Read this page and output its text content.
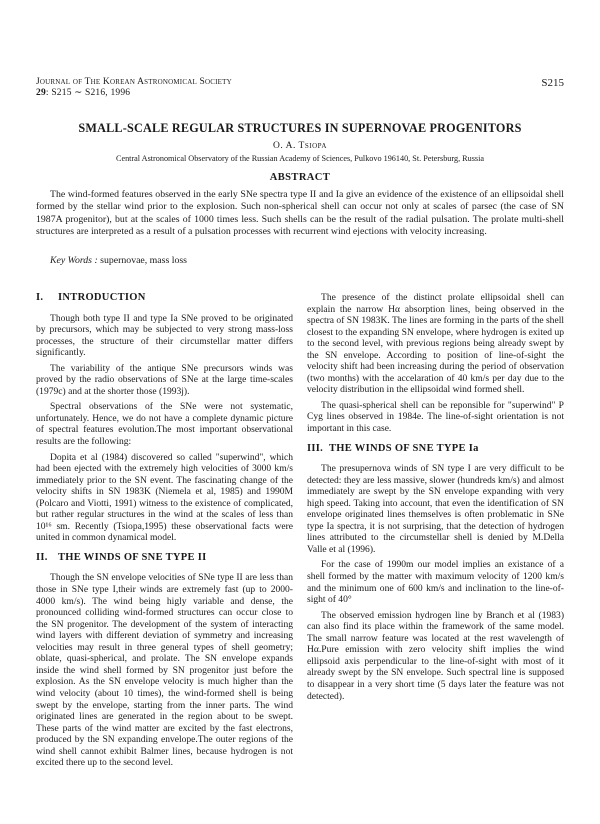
Journal of The Korean Astronomical Society
29: S215 ∼ S216, 1996
S215
SMALL-SCALE REGULAR STRUCTURES IN SUPERNOVAE PROGENITORS
O. A. Tsiopa
Central Astronomical Observatory of the Russian Academy of Sciences, Pulkovo 196140, St. Petersburg, Russia
ABSTRACT

The wind-formed features observed in the early SNe spectra type II and Ia give an evidence of the existence of an ellipsoidal shell formed by the stellar wind prior to the explosion. Such non-spherical shell can occur not only at scales of parsec (the case of SN 1987A progenitor), but at the scales of 1000 times less. Such shells can be the result of the radial pulsation. The prolate multi-shell structures are interpreted as a result of a pulsation processes with recurrent wind ejections with velocity increasing.

Key Words : supernovae, mass loss
I. INTRODUCTION

Though both type II and type Ia SNe proved to be originated by precursors, which may be subjected to very strong mass-loss processes, the structure of their circumstellar matter differs significantly.

The variability of the antique SNe precursors winds was proved by the radio observations of SNe at the large time-scales (1979c) and at the shorter those (1993j).

Spectral observations of the SNe were not systematic, unfortunately. Hence, we do not have a complete dynamic picture of spectral features evolution.The most important observational results are the following:

Dopita et al (1984) discovered so called "superwind", which had been ejected with the extremely high velocities of 3000 km/s immediately prior to the SN event. The fascinating change of the velocity shifts in SN 1983K (Niemela et al, 1985) and 1990M (Polcaro and Viotti, 1991) witness to the existence of complicated, but rather regular structures in the wind at the scales of less than 10¹⁶ sm. Recently (Tsiopa,1995) these observational facts were united in common dynamical model.

II. THE WINDS OF SNE TYPE II

Though the SN envelope velocities of SNe type II are less than those in SNe type I,their winds are extremely fast (up to 2000-4000 km/s). The wind being higly variable and dense, the pronounced colliding wind-formed structures can occur close to the SN progenitor. The development of the system of interacting wind layers with different deviation of symmetry and increasing velocities may result in three general types of shell geometry; oblate, quasi-spherical, and prolate. The SN envelope expands inside the wind shell formed by SN progenitor just before the explosion. As the SN envelope velocity is much higher than the wind velocity (about 10 times), the wind-formed shell is being swept by the envelope, starting from the inner parts. The wind originated lines are generated in the region about to be swept. These parts of the wind matter are excited by the fast electrons, produced by the SN expanding envelope.The outer regions of the wind shell cannot exhibit Balmer lines, because hydrogen is not excited there up to the second level.

The presence of the distinct prolate ellipsoidal shell can explain the narrow Hα absorption lines, being observed in the spectra of SN 1983K. The lines are forming in the parts of the shell closest to the expanding SN envelope, where hydrogen is exited up to the second level, with previous regions being already swept by the SN envelope. According to position of line-of-sight the velocity shift had been increasing during the period of observation (two months) with the accelaration of 40 km/s per day due to the velocity distribution in the ellipsoidal wind formed shell.

The quasi-spherical shell can be reponsible for "superwind" P Cyg lines observed in 1984e. The line-of-sight orientation is not important in this case.

III. THE WINDS OF SNE TYPE Ia

The presupernova winds of SN type I are very difficult to be detected: they are less massive, slower (hundreds km/s) and almost immediately are swept by the SN envelope expanding with very high speed. Taking into account, that even the identification of SN envelope originated lines themselves is often problematic in SNe type Ia spectra, it is not surprising, that the detection of hydrogen lines attributed to the circumstellar shell is denied by M.Della Valle et al (1996).

For the case of 1990m our model implies an existance of a shell formed by the matter with maximum velocity of 1200 km/s and the minimum one of 600 km/s and inclination to the line-of-sight of 40°

The observed emission hydrogen line by Branch et al (1983) can also find its place within the framework of the same model. The small narrow feature was located at the rest wavelength of Hα.Pure emission with zero velocity shift implies the wind ellipsoid axis perpendicular to the line-of-sight with most of it already swept by the SN envelope. Such spectral line is supposed to disappear in a very short time (5 days later the feature was not detected).
